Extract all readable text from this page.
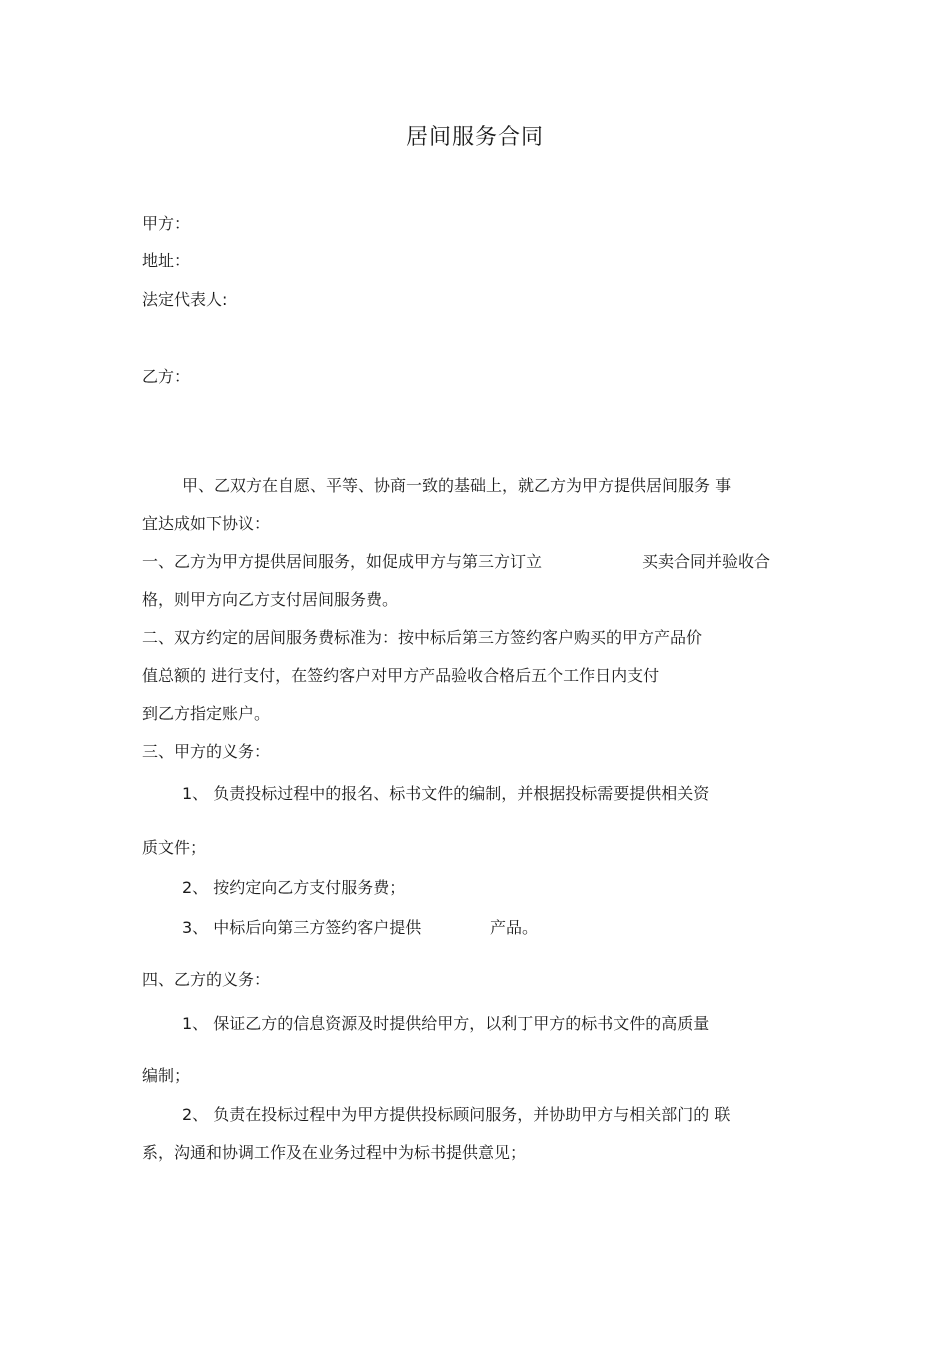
居间服务合同
甲方：
地址：
法定代表人:
乙方：
甲、乙双方在自愿、平等、协商一致的基础上，就乙方为甲方提供居间服务 事
宜达成如下协议：
一、乙方为甲方提供居间服务，如促成甲方与第三方订立	买卖合同并验收合
格，则甲方向乙方支付居间服务费。
二、双方约定的居间服务费标准为：按中标后第三方签约客户购买的甲方产品价
值总额的 进行支付，在签约客户对甲方产品验收合格后五个工作日内支付
到乙方指定账户。
三、甲方的义务：
1、 负责投标过程中的报名、标书文件的编制，并根据投标需要提供相关资
质文件；
2、 按约定向乙方支付服务费；
3、 中标后向第三方签约客户提供	产品。
四、乙方的义务：
1、 保证乙方的信息资源及时提供给甲方，以利丁甲方的标书文件的高质量
编制；
2、 负责在投标过程中为甲方提供投标顾问服务，并协助甲方与相关部门的 联
系，沟通和协调工作及在业务过程中为标书提供意见；
